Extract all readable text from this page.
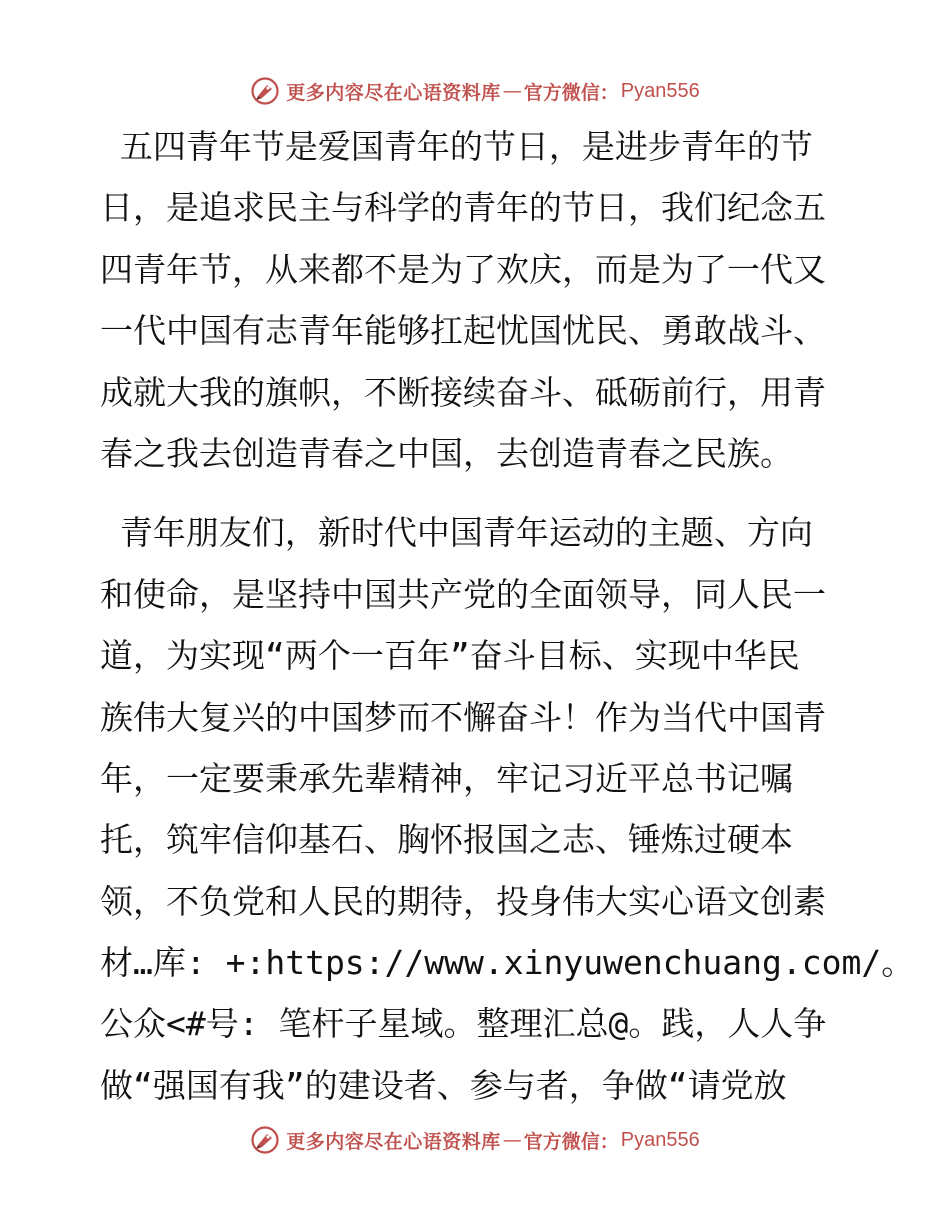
更多内容尽在心语资料库 — 官方微信： Pyan556
五四青年节是爱国青年的节日，是进步青年的节
日，是追求民主与科学的青年的节日，我们纪念五
四青年节，从来都不是为了欢庆，而是为了一代又
一代中国有志青年能够扛起忧国忧民、勇敢战斗、
成就大我的旗帜，不断接续奋斗、砥砺前行，用青
春之我去创造青春之中国，去创造青春之民族。
青年朋友们，新时代中国青年运动的主题、方向
和使命，是坚持中国共产党的全面领导，同人民一
道，为实现“两个一百年”奋斗目标、实现中华民
族伟大复兴的中国梦而不懈奋斗！作为当代中国青
年，一定要秉承先辈精神，牢记习近平总书记嘱
托，筑牢信仰基石、胸怀报国之志、锤炼过硬本
领，不负党和人民的期待，投身伟大实心语文创素
材…库: +:https://www.xinyuwenchuang.com/。
公众<#号: 笔杆子星域。整理汇总@。践，人人争
做“强国有我”的建设者、参与者，争做“请党放
更多内容尽在心语资料库 — 官方微信： Pyan556
